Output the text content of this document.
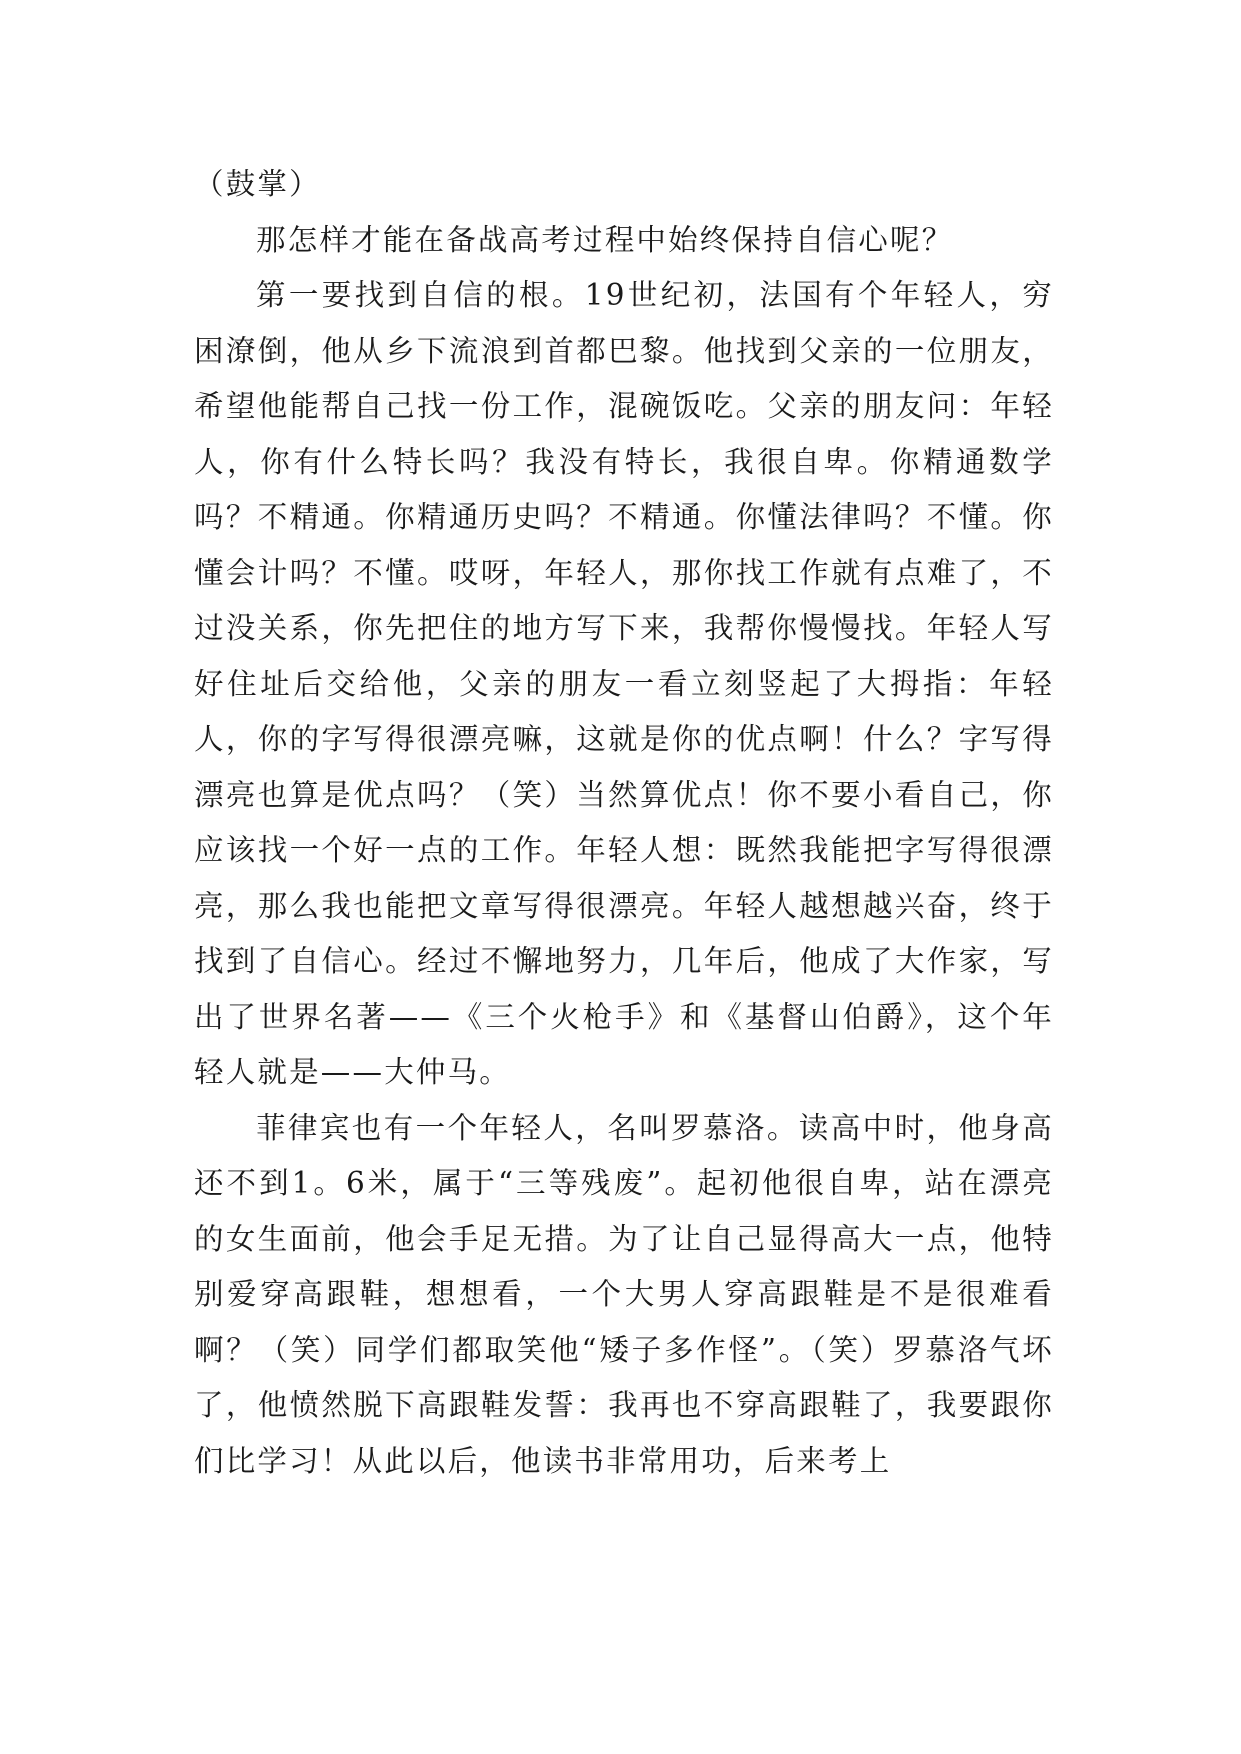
（鼓掌）

那怎样才能在备战高考过程中始终保持自信心呢？

第一要找到自信的根。19世纪初，法国有个年轻人，穷困潦倒，他从乡下流浪到首都巴黎。他找到父亲的一位朋友，希望他能帮自己找一份工作，混碗饭吃。父亲的朋友问：年轻人，你有什么特长吗？我没有特长，我很自卑。你精通数学吗？不精通。你精通历史吗？不精通。你懂法律吗？不懂。你懂会计吗？不懂。哎呀，年轻人，那你找工作就有点难了，不过没关系，你先把住的地方写下来，我帮你慢慢找。年轻人写好住址后交给他，父亲的朋友一看立刻竖起了大拇指：年轻人，你的字写得很漂亮嘛，这就是你的优点啊！什么？字写得漂亮也算是优点吗？（笑）当然算优点！你不要小看自己，你应该找一个好一点的工作。年轻人想：既然我能把字写得很漂亮，那么我也能把文章写得很漂亮。年轻人越想越兴奋，终于找到了自信心。经过不懈地努力，几年后，他成了大作家，写出了世界名著——《三个火枪手》和《基督山伯爵》，这个年轻人就是——大仲马。

菲律宾也有一个年轻人，名叫罗慕洛。读高中时，他身高还不到1。6米，属于“三等残废”。起初他很自卑，站在漂亮的女生面前，他会手足无措。为了让自己显得高大一点，他特别爱穿高跟鞋，想想看，一个大男人穿高跟鞋是不是很难看啊？（笑）同学们都取笑他“矮子多作怪”。（笑）罗慕洛气坏了，他愤然脱下高跟鞋发誓：我再也不穿高跟鞋了，我要跟你们比学习！从此以后，他读书非常用功，后来考上
